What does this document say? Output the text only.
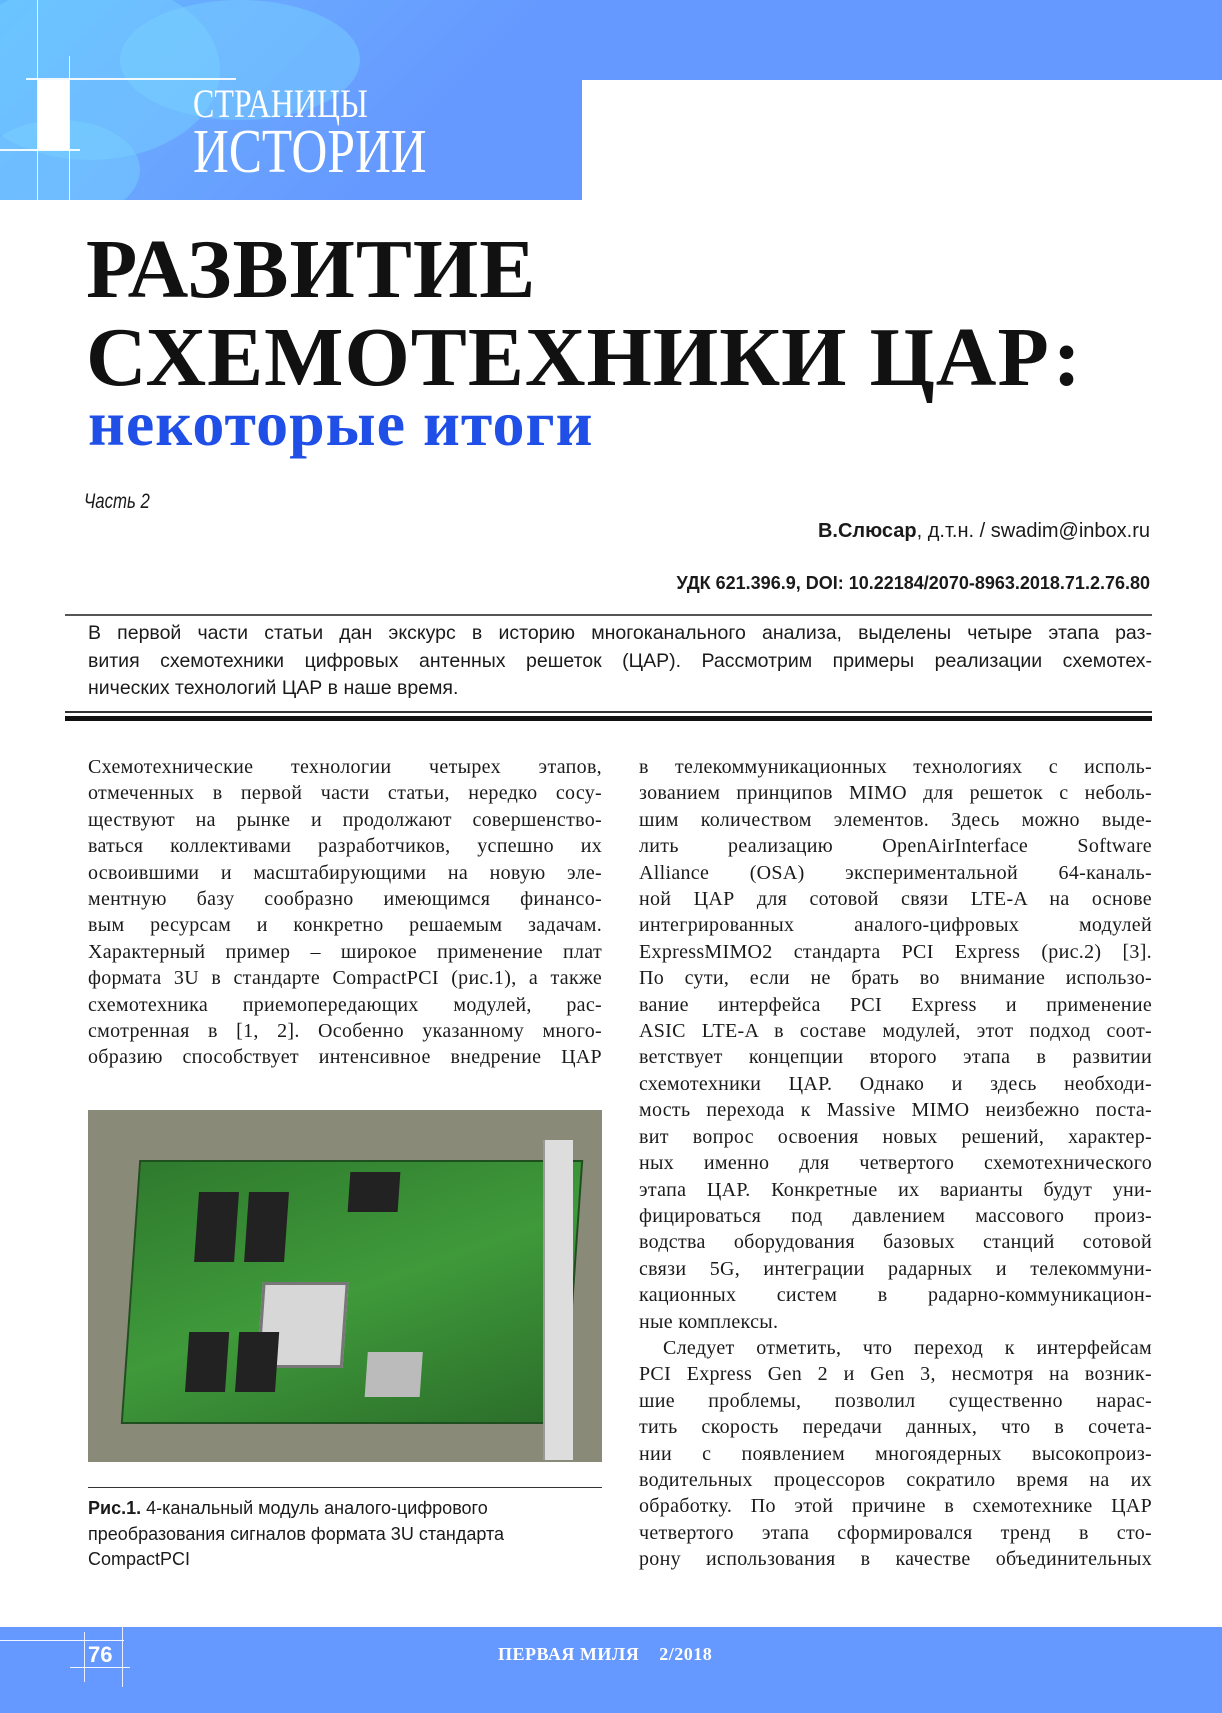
СТРАНИЦЫ
ИСТОРИИ
РАЗВИТИЕ
СХЕМОТЕХНИКИ ЦАР:
некоторые итоги
Часть 2
В.Слюсар, д.т.н. / swadim@inbox.ru
УДК 621.396.9, DOI: 10.22184/2070-8963.2018.71.2.76.80
В первой части статьи дан экскурс в историю многоканального анализа, выделены четыре этапа раз-
вития схемотехники цифровых антенных решеток (ЦАР). Рассмотрим примеры реализации схемотех-
нических технологий ЦАР в наше время.
Схемотехнические технологии четырех этапов,
отмеченных в первой части статьи, нередко сосу-
ществуют на рынке и продолжают совершенство-
ваться коллективами разработчиков, успешно их
освоившими и масштабирующими на новую эле-
ментную базу сообразно имеющимся финансо-
вым ресурсам и конкретно решаемым задачам.
Характерный пример – широкое применение плат
формата 3U в стандарте CompactPCI (рис.1), а также
схемотехника приемопередающих модулей, рас-
смотренная в [1, 2]. Особенно указанному много-
образию способствует интенсивное внедрение ЦАР
в телекоммуникационных технологиях с исполь-
зованием принципов MIMO для решеток с неболь-
шим количеством элементов. Здесь можно выде-
лить реализацию OpenAirInterface Software
Alliance (OSA) экспериментальной 64-каналь-
ной ЦАР для сотовой связи LTE-A на основе
интегрированных аналого-цифровых модулей
ExpressMIMO2 стандарта PCI Express (рис.2) [3].
По сути, если не брать во внимание использо-
вание интерфейса PCI Express и применение
ASIC LTE-A в составе модулей, этот подход соот-
ветствует концепции второго этапа в развитии
схемотехники ЦАР. Однако и здесь необходи-
мость перехода к Massive MIMO неизбежно поста-
вит вопрос освоения новых решений, характер-
ных именно для четвертого схемотехнического
этапа ЦАР. Конкретные их варианты будут уни-
фицироваться под давлением массового произ-
водства оборудования базовых станций сотовой
связи 5G, интеграции радарных и телекоммуни-
кационных систем в радарно-коммуникацион-
ные комплексы.
Следует отметить, что переход к интерфейсам
PCI Express Gen 2 и Gen 3, несмотря на возник-
шие проблемы, позволил существенно нарас-
тить скорость передачи данных, что в сочета-
нии с появлением многоядерных высокопроиз-
водительных процессоров сократило время на их
обработку. По этой причине в схемотехнике ЦАР
четвертого этапа сформировался тренд в сто-
рону использования в качестве объединительных
Рис.1. 4-канальный модуль аналого-цифрового преобразования сигналов формата 3U стандарта CompactPCI
76	ПЕРВАЯ МИЛЯ 2/2018
